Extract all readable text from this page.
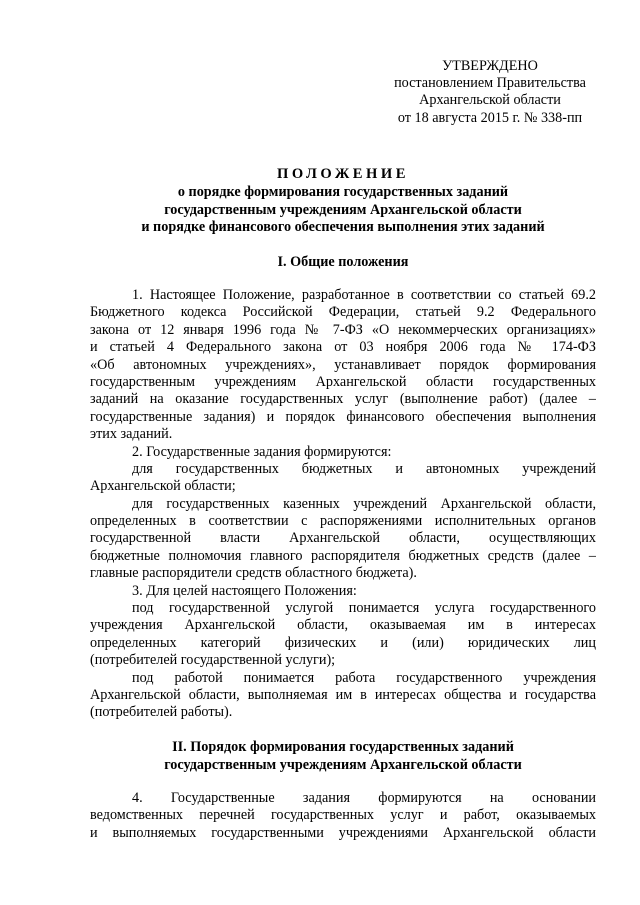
УТВЕРЖДЕНО
постановлением Правительства
Архангельской области
от 18 августа 2015 г. № 338-пп
ПОЛОЖЕНИЕ
о порядке формирования государственных заданий
государственным учреждениям Архангельской области
и порядке финансового обеспечения выполнения этих заданий
I. Общие положения
1. Настоящее Положение, разработанное в соответствии со статьей 69.2
Бюджетного кодекса Российской Федерации, статьей 9.2 Федерального
закона от 12 января 1996 года № 7-ФЗ «О некоммерческих организациях»
и статьей 4 Федерального закона от 03 ноября 2006 года № 174-ФЗ
«Об автономных учреждениях», устанавливает порядок формирования
государственным учреждениям Архангельской области государственных
заданий на оказание государственных услуг (выполнение работ) (далее –
государственные задания) и порядок финансового обеспечения выполнения
этих заданий.
2. Государственные задания формируются:
для государственных бюджетных и автономных учреждений
Архангельской области;
для государственных казенных учреждений Архангельской области,
определенных в соответствии с распоряжениями исполнительных органов
государственной власти Архангельской области, осуществляющих
бюджетные полномочия главного распорядителя бюджетных средств (далее –
главные распорядители средств областного бюджета).
3. Для целей настоящего Положения:
под государственной услугой понимается услуга государственного
учреждения Архангельской области, оказываемая им в интересах
определенных категорий физических и (или) юридических лиц
(потребителей государственной услуги);
под работой понимается работа государственного учреждения
Архангельской области, выполняемая им в интересах общества и государства
(потребителей работы).
II. Порядок формирования государственных заданий
государственным учреждениям Архангельской области
4. Государственные задания формируются на основании
ведомственных перечней государственных услуг и работ, оказываемых
и выполняемых государственными учреждениями Архангельской области
